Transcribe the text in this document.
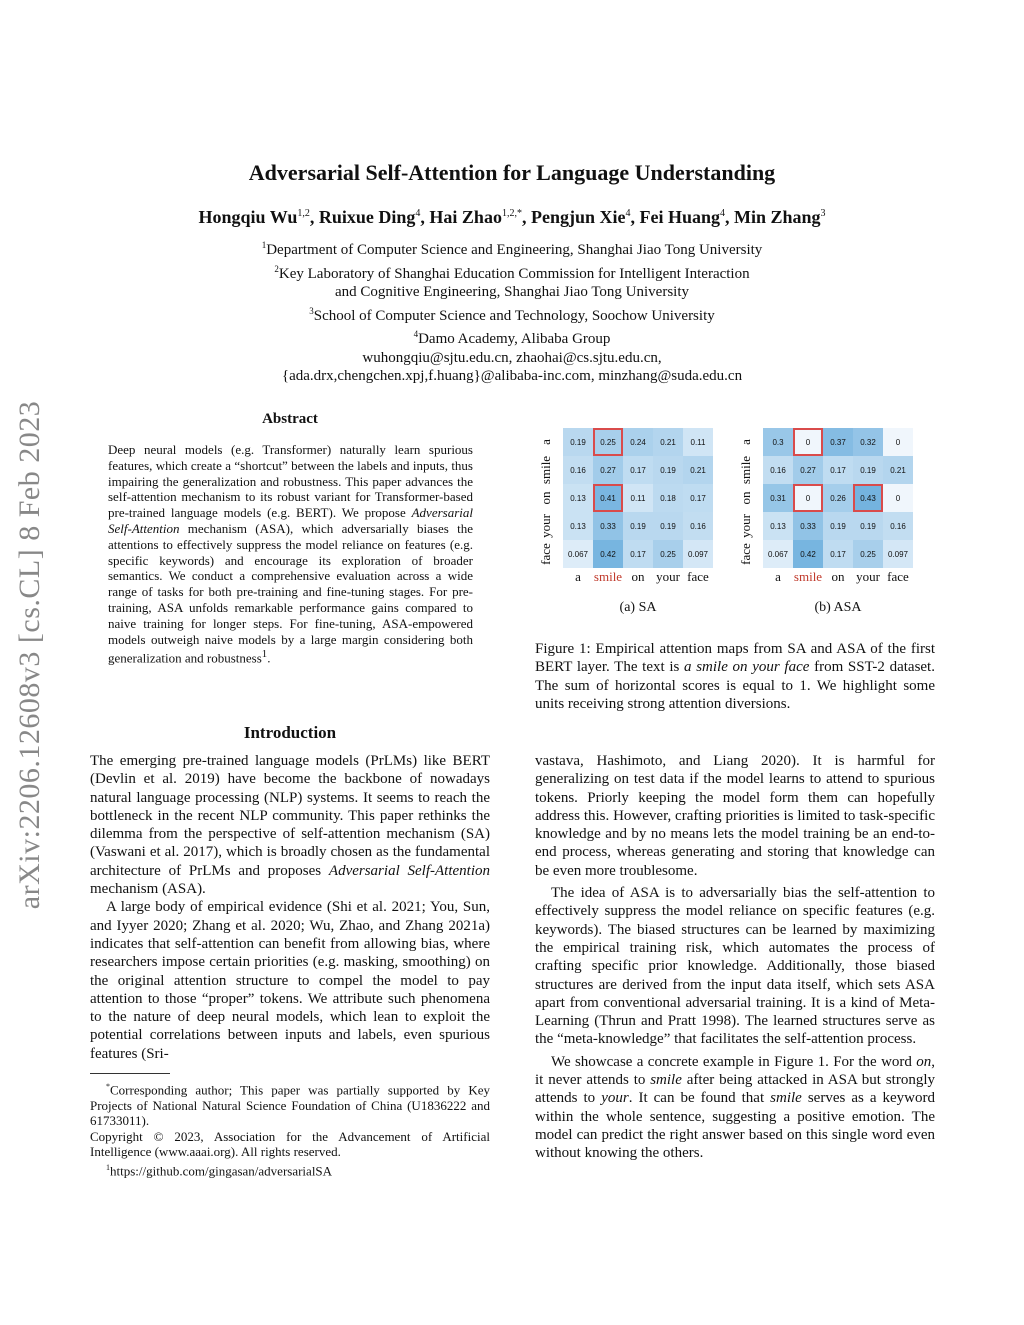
arXiv:2206.12608v3 [cs.CL] 8 Feb 2023
Adversarial Self-Attention for Language Understanding
Hongqiu Wu$^{1,2}$, Ruixue Ding$^4$, Hai Zhao$^{1,2,*}$, Pengjun Xie$^4$, Fei Huang$^4$, Min Zhang$^3$
$^1$Department of Computer Science and Engineering, Shanghai Jiao Tong University
$^2$Key Laboratory of Shanghai Education Commission for Intelligent Interaction
and Cognitive Engineering, Shanghai Jiao Tong University
$^3$School of Computer Science and Technology, Soochow University
$^4$Damo Academy, Alibaba Group
wuhongqiu@sjtu.edu.cn, zhaohai@cs.sjtu.edu.cn,
{ada.drx,chengchen.xpj,f.huang}@alibaba-inc.com, minzhang@suda.edu.cn
Abstract
Deep neural models (e.g. Transformer) naturally learn spurious features, which create a “shortcut” between the labels and inputs, thus impairing the generalization and robustness. This paper advances the self-attention mechanism to its robust variant for Transformer-based pre-trained language models (e.g. BERT). We propose Adversarial Self-Attention mechanism (ASA), which adversarially biases the attentions to effectively suppress the model reliance on features (e.g. specific keywords) and encourage its exploration of broader semantics. We conduct a comprehensive evaluation across a wide range of tasks for both pre-training and fine-tuning stages. For pre-training, ASA unfolds remarkable performance gains compared to naive training for longer steps. For fine-tuning, ASA-empowered models outweigh naive models by a large margin considering both generalization and robustness$^1$.
Introduction

The emerging pre-trained language models (PrLMs) like BERT (Devlin et al. 2019) have become the backbone of nowadays natural language processing (NLP) systems. It seems to reach the bottleneck in the recent NLP community. This paper rethinks the dilemma from the perspective of self-attention mechanism (SA) (Vaswani et al. 2017), which is broadly chosen as the fundamental architecture of PrLMs and proposes Adversarial Self-Attention mechanism (ASA).

A large body of empirical evidence (Shi et al. 2021; You, Sun, and Iyyer 2020; Zhang et al. 2020; Wu, Zhao, and Zhang 2021a) indicates that self-attention can benefit from allowing bias, where researchers impose certain priorities (e.g. masking, smoothing) on the original attention structure to compel the model to pay attention to those “proper” tokens. We attribute such phenomena to the nature of deep neural models, which lean to exploit the potential correlations between inputs and labels, even spurious features (Sri-

*Corresponding author; This paper was partially supported by Key Projects of National Natural Science Foundation of China (U1836222 and 61733011).

Copyright © 2023, Association for the Advancement of Artificial Intelligence (www.aaai.org). All rights reserved.

$^1$https://github.com/gingasan/adversarialSA

a
smile
on
your
face
0.19	0.25	0.24	0.21	0.11
0.16	0.27	0.17	0.19	0.21
0.13	0.41	0.11	0.18	0.17
0.13	0.33	0.19	0.19	0.16
0.067	0.42	0.17	0.25	0.097
a	smile on your face
(a) SA
a
smile
on
your
face
0.3	0	0.37	0.32	0
0.16	0.27	0.17	0.19	0.21
0.31	0	0.26	0.43	0
0.13	0.33	0.19	0.19	0.16
0.067	0.42	0.17	0.25	0.097
a	smile on your face
(b) ASA
Figure 1: Empirical attention maps from SA and ASA of the first BERT layer. The text is a smile on your face from SST-2 dataset. The sum of horizontal scores is equal to 1. We highlight some units receiving strong attention diversions.

vastava, Hashimoto, and Liang 2020). It is harmful for generalizing on test data if the model learns to attend to spurious tokens. Priorly keeping the model form them can hopefully address this. However, crafting priorities is limited to task-specific knowledge and by no means lets the model training be an end-to-end process, whereas generating and storing that knowledge can be even more troublesome.

The idea of ASA is to adversarially bias the self-attention to effectively suppress the model reliance on specific features (e.g. keywords). The biased structures can be learned by maximizing the empirical training risk, which automates the process of crafting specific prior knowledge. Additionally, those biased structures are derived from the input data itself, which sets ASA apart from conventional adversarial training. It is a kind of Meta-Learning (Thrun and Pratt 1998). The learned structures serve as the “meta-knowledge” that facilitates the self-attention process.

We showcase a concrete example in Figure 1. For the word on, it never attends to smile after being attacked in ASA but strongly attends to your. It can be found that smile serves as a keyword within the whole sentence, suggesting a positive emotion. The model can predict the right answer based on this single word even without knowing the others.
